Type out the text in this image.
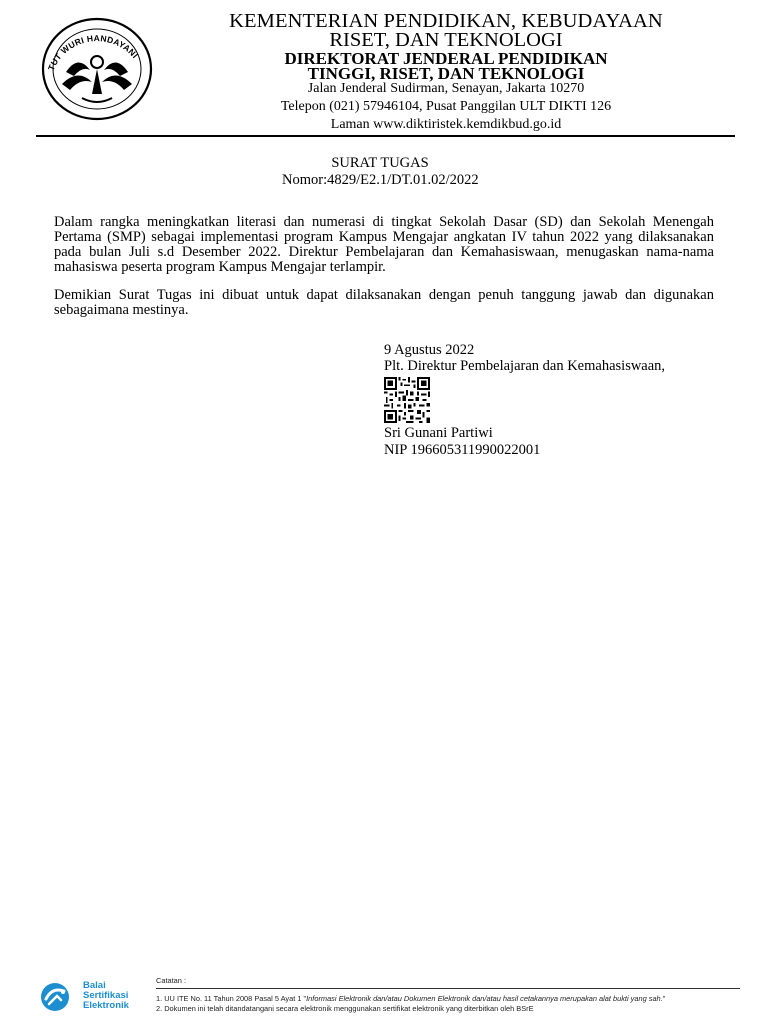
TUT WURI HANDAYANI
KEMENTERIAN PENDIDIKAN, KEBUDAYAAN
RISET, DAN TEKNOLOGI
DIREKTORAT JENDERAL PENDIDIKAN
TINGGI, RISET, DAN TEKNOLOGI
Jalan Jenderal Sudirman, Senayan, Jakarta 10270
Telepon (021) 57946104, Pusat Panggilan ULT DIKTI 126
Laman www.diktiristek.kemdikbud.go.id
SURAT TUGAS
Nomor:4829/E2.1/DT.01.02/2022
Dalam rangka meningkatkan literasi dan numerasi di tingkat Sekolah Dasar (SD) dan Sekolah Menengah Pertama (SMP) sebagai implementasi program Kampus Mengajar angkatan IV tahun 2022 yang dilaksanakan pada bulan Juli s.d Desember 2022. Direktur Pembelajaran dan Kemahasiswaan, menugaskan nama-nama mahasiswa peserta program Kampus Mengajar terlampir.
Demikian Surat Tugas ini dibuat untuk dapat dilaksanakan dengan penuh tanggung jawab dan digunakan sebagaimana mestinya.
9 Agustus 2022
Plt. Direktur Pembelajaran dan Kemahasiswaan,
Sri Gunani Partiwi
NIP 196605311990022001
Balai
Sertifikasi
Elektronik
Catatan :
1. UU ITE No. 11 Tahun 2008 Pasal 5 Ayat 1 "Informasi Elektronik dan/atau Dokumen Elektronik dan/atau hasil cetakannya merupakan alat bukti yang sah."
2. Dokumen ini telah ditandatangani secara elektronik menggunakan sertifikat elektronik yang diterbitkan oleh BSrE
